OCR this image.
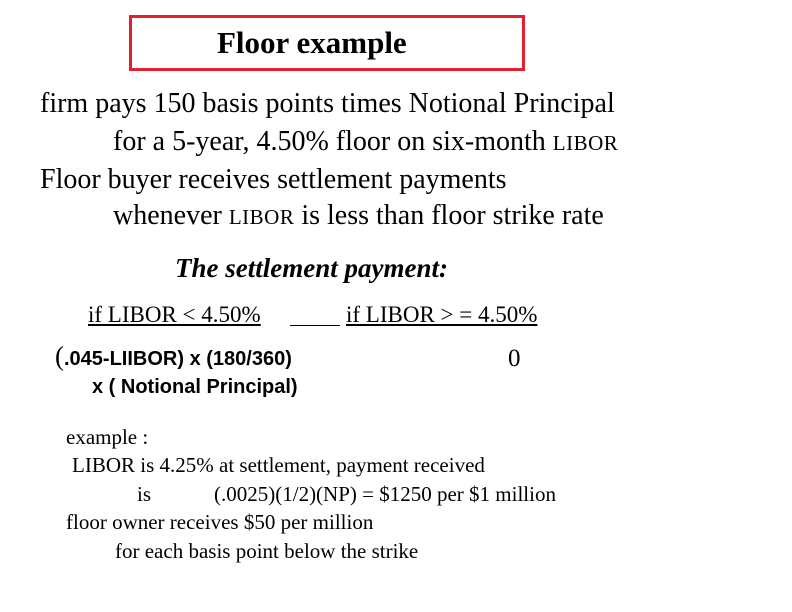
Floor example
firm pays 150 basis points times Notional Principal
for a 5-year, 4.50% floor on six-month LIBOR
Floor buyer receives settlement payments
whenever LIBOR is less than floor strike rate
The settlement payment:
if LIBOR < 4.50%	if LIBOR > = 4.50%
(.045-LIIBOR) x (180/360)
x ( Notional Principal)
0
example :
LIBOR is 4.25% at settlement, payment received
is	(.0025)(1/2)(NP) = $1250 per $1 million
floor owner receives $50 per million
for each basis point below the strike
